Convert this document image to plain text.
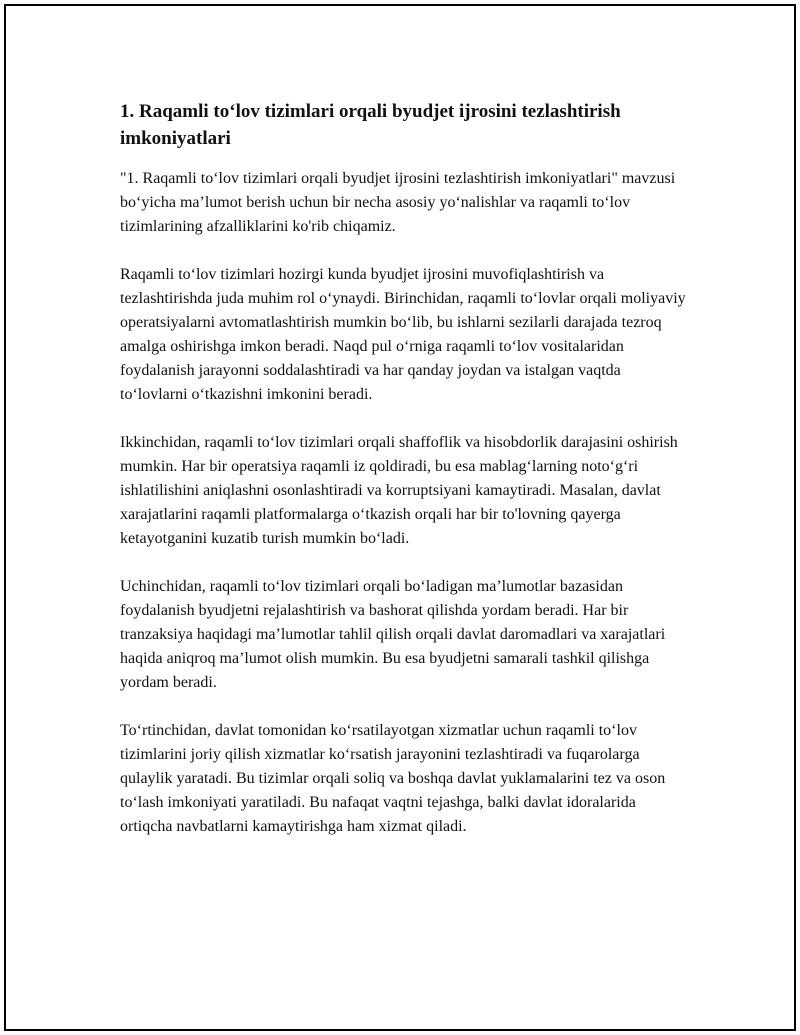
1. Raqamli to‘lov tizimlari orqali byudjet ijrosini tezlashtirish imkoniyatlari

"1. Raqamli to‘lov tizimlari orqali byudjet ijrosini tezlashtirish imkoniyatlari" mavzusi bo‘yicha ma’lumot berish uchun bir necha asosiy yo‘nalishlar va raqamli to‘lov tizimlarining afzalliklarini ko'rib chiqamiz.

Raqamli to‘lov tizimlari hozirgi kunda byudjet ijrosini muvofiqlashtirish va tezlashtirishda juda muhim rol o‘ynaydi. Birinchidan, raqamli to‘lovlar orqali moliyaviy operatsiyalarni avtomatlashtirish mumkin bo‘lib, bu ishlarni sezilarli darajada tezroq amalga oshirishga imkon beradi. Naqd pul o‘rniga raqamli to‘lov vositalaridan foydalanish jarayonni soddalashtiradi va har qanday joydan va istalgan vaqtda to‘lovlarni o‘tkazishni imkonini beradi.

Ikkinchidan, raqamli to‘lov tizimlari orqali shaffoflik va hisobdorlik darajasini oshirish mumkin. Har bir operatsiya raqamli iz qoldiradi, bu esa mablag‘larning noto‘g‘ri ishlatilishini aniqlashni osonlashtiradi va korruptsiyani kamaytiradi. Masalan, davlat xarajatlarini raqamli platformalarga o‘tkazish orqali har bir to'lovning qayerga ketayotganini kuzatib turish mumkin bo‘ladi.

Uchinchidan, raqamli to‘lov tizimlari orqali bo‘ladigan ma’lumotlar bazasidan foydalanish byudjetni rejalashtirish va bashorat qilishda yordam beradi. Har bir tranzaksiya haqidagi ma’lumotlar tahlil qilish orqali davlat daromadlari va xarajatlari haqida aniqroq ma’lumot olish mumkin. Bu esa byudjetni samarali tashkil qilishga yordam beradi.

To‘rtinchidan, davlat tomonidan ko‘rsatilayotgan xizmatlar uchun raqamli to‘lov tizimlarini joriy qilish xizmatlar ko‘rsatish jarayonini tezlashtiradi va fuqarolarga qulaylik yaratadi. Bu tizimlar orqali soliq va boshqa davlat yuklamalarini tez va oson to‘lash imkoniyati yaratiladi. Bu nafaqat vaqtni tejashga, balki davlat idoralarida ortiqcha navbatlarni kamaytirishga ham xizmat qiladi.
